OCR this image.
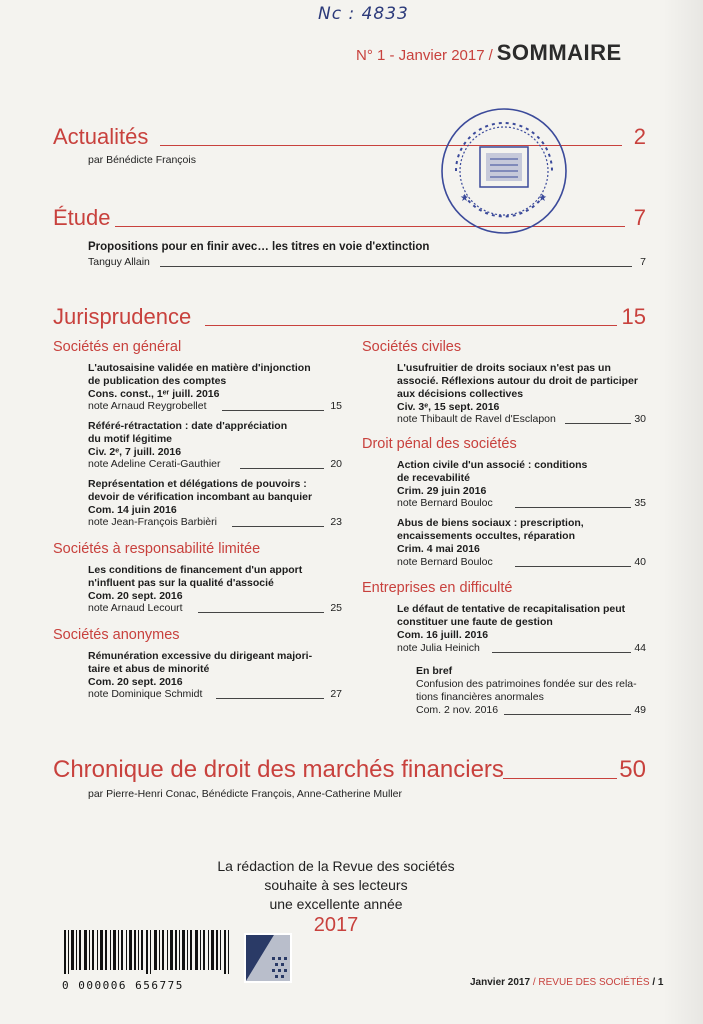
Nc : 4833
N° 1 - Janvier 2017 / SOMMAIRE
Actualités	2
par Bénédicte François
Étude	7
Propositions pour en finir avec… les titres en voie d'extinction
Tanguy Allain	7
Jurisprudence	15
Sociétés en général
L'autosaisine validée en matière d'injonction
de publication des comptes
Cons. const., 1ᵉʳ juill. 2016
note Arnaud Reygrobellet	15
Référé-rétractation : date d'appréciation
du motif légitime
Civ. 2ᵉ, 7 juill. 2016
note Adeline Cerati-Gauthier	20
Représentation et délégations de pouvoirs :
devoir de vérification incombant au banquier
Com. 14 juin 2016
note Jean-François Barbièri	23
Sociétés à responsabilité limitée
Les conditions de financement d'un apport
n'influent pas sur la qualité d'associé
Com. 20 sept. 2016
note Arnaud Lecourt	25
Sociétés anonymes
Rémunération excessive du dirigeant majori-
taire et abus de minorité
Com. 20 sept. 2016
note Dominique Schmidt	27
Sociétés civiles
L'usufruitier de droits sociaux n'est pas un
associé. Réflexions autour du droit de participer
aux décisions collectives
Civ. 3ᵉ, 15 sept. 2016
note Thibault de Ravel d'Esclapon	30
Droit pénal des sociétés
Action civile d'un associé : conditions
de recevabilité
Crim. 29 juin 2016
note Bernard Bouloc	35
Abus de biens sociaux : prescription,
encaissements occultes, réparation
Crim. 4 mai 2016
note Bernard Bouloc	40
Entreprises en difficulté
Le défaut de tentative de recapitalisation peut
constituer une faute de gestion
Com. 16 juill. 2016
note Julia Heinich	44
En bref
Confusion des patrimoines fondée sur des rela-
tions financières anormales
Com. 2 nov. 2016	49
Chronique de droit des marchés financiers	50
par Pierre-Henri Conac, Bénédicte François, Anne-Catherine Muller
La rédaction de la Revue des sociétés
souhaite à ses lecteurs
une excellente année
2017
★
★
0 000006 656775	Janvier 2017 / REVUE DES SOCIÉTÉS / 1
